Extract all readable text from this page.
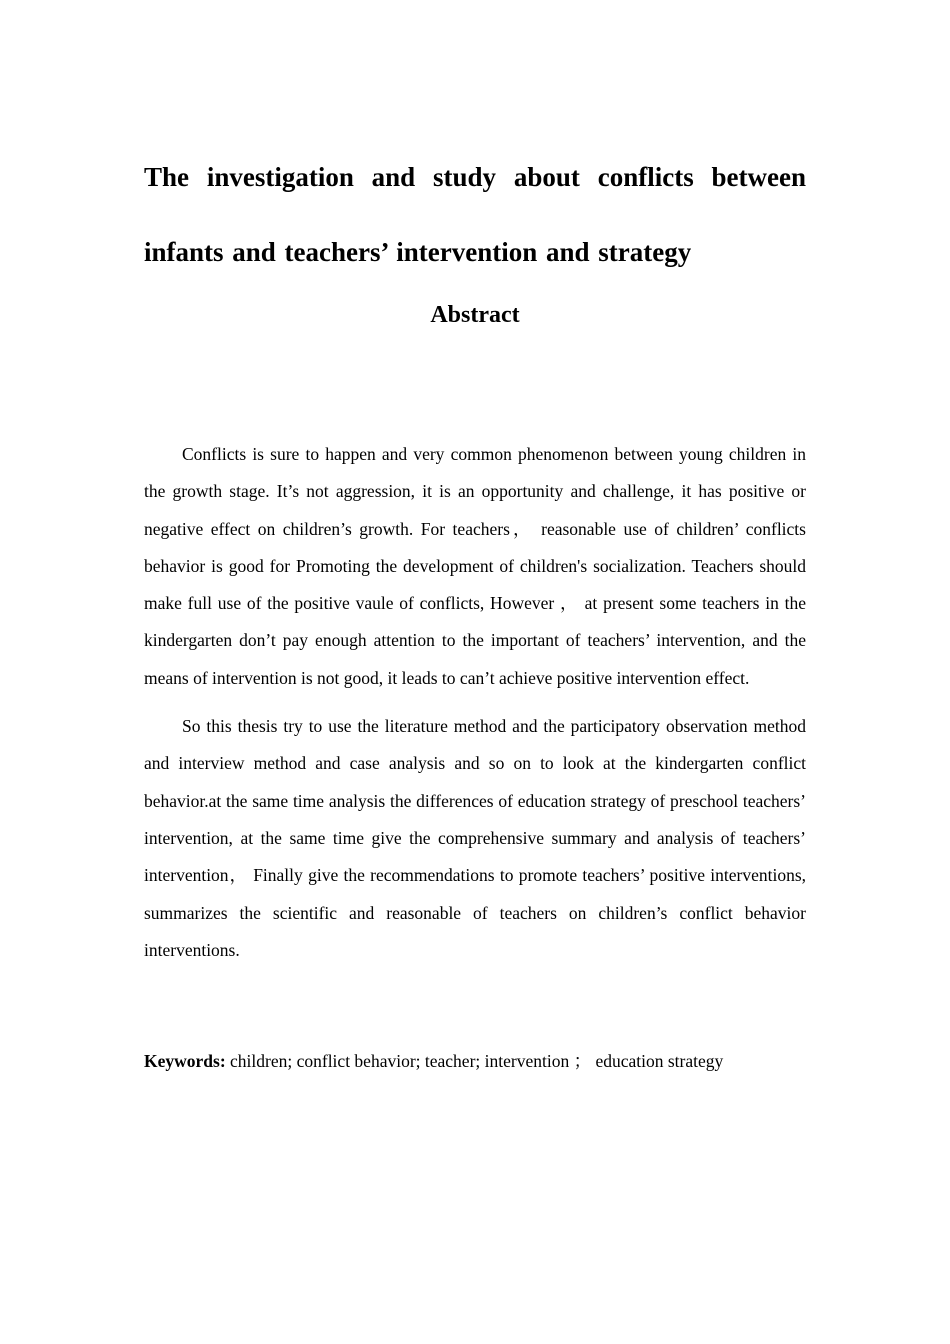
The investigation and study about conflicts between infants and teachers’ intervention and strategy
Abstract

Conflicts is sure to happen and very common phenomenon between young children in the growth stage. It’s not aggression, it is an opportunity and challenge, it has positive or negative effect on children’s growth. For teachers， reasonable use of children’ conflicts behavior is good for Promoting the development of children's socialization. Teachers should make full use of the positive vaule of conflicts, However ， at present some teachers in the kindergarten don’t pay enough attention to the important of teachers’ intervention, and the means of intervention is not good, it leads to can’t achieve positive intervention effect.

So this thesis try to use the literature method and the participatory observation method and interview method and case analysis and so on to look at the kindergarten conflict behavior.at the same time analysis the differences of education strategy of preschool teachers’ intervention, at the same time give the comprehensive summary and analysis of teachers’ intervention， Finally give the recommendations to promote teachers’ positive interventions, summarizes the scientific and reasonable of teachers on children’s conflict behavior interventions.

Keywords: children; conflict behavior; teacher; intervention ； education strategy
